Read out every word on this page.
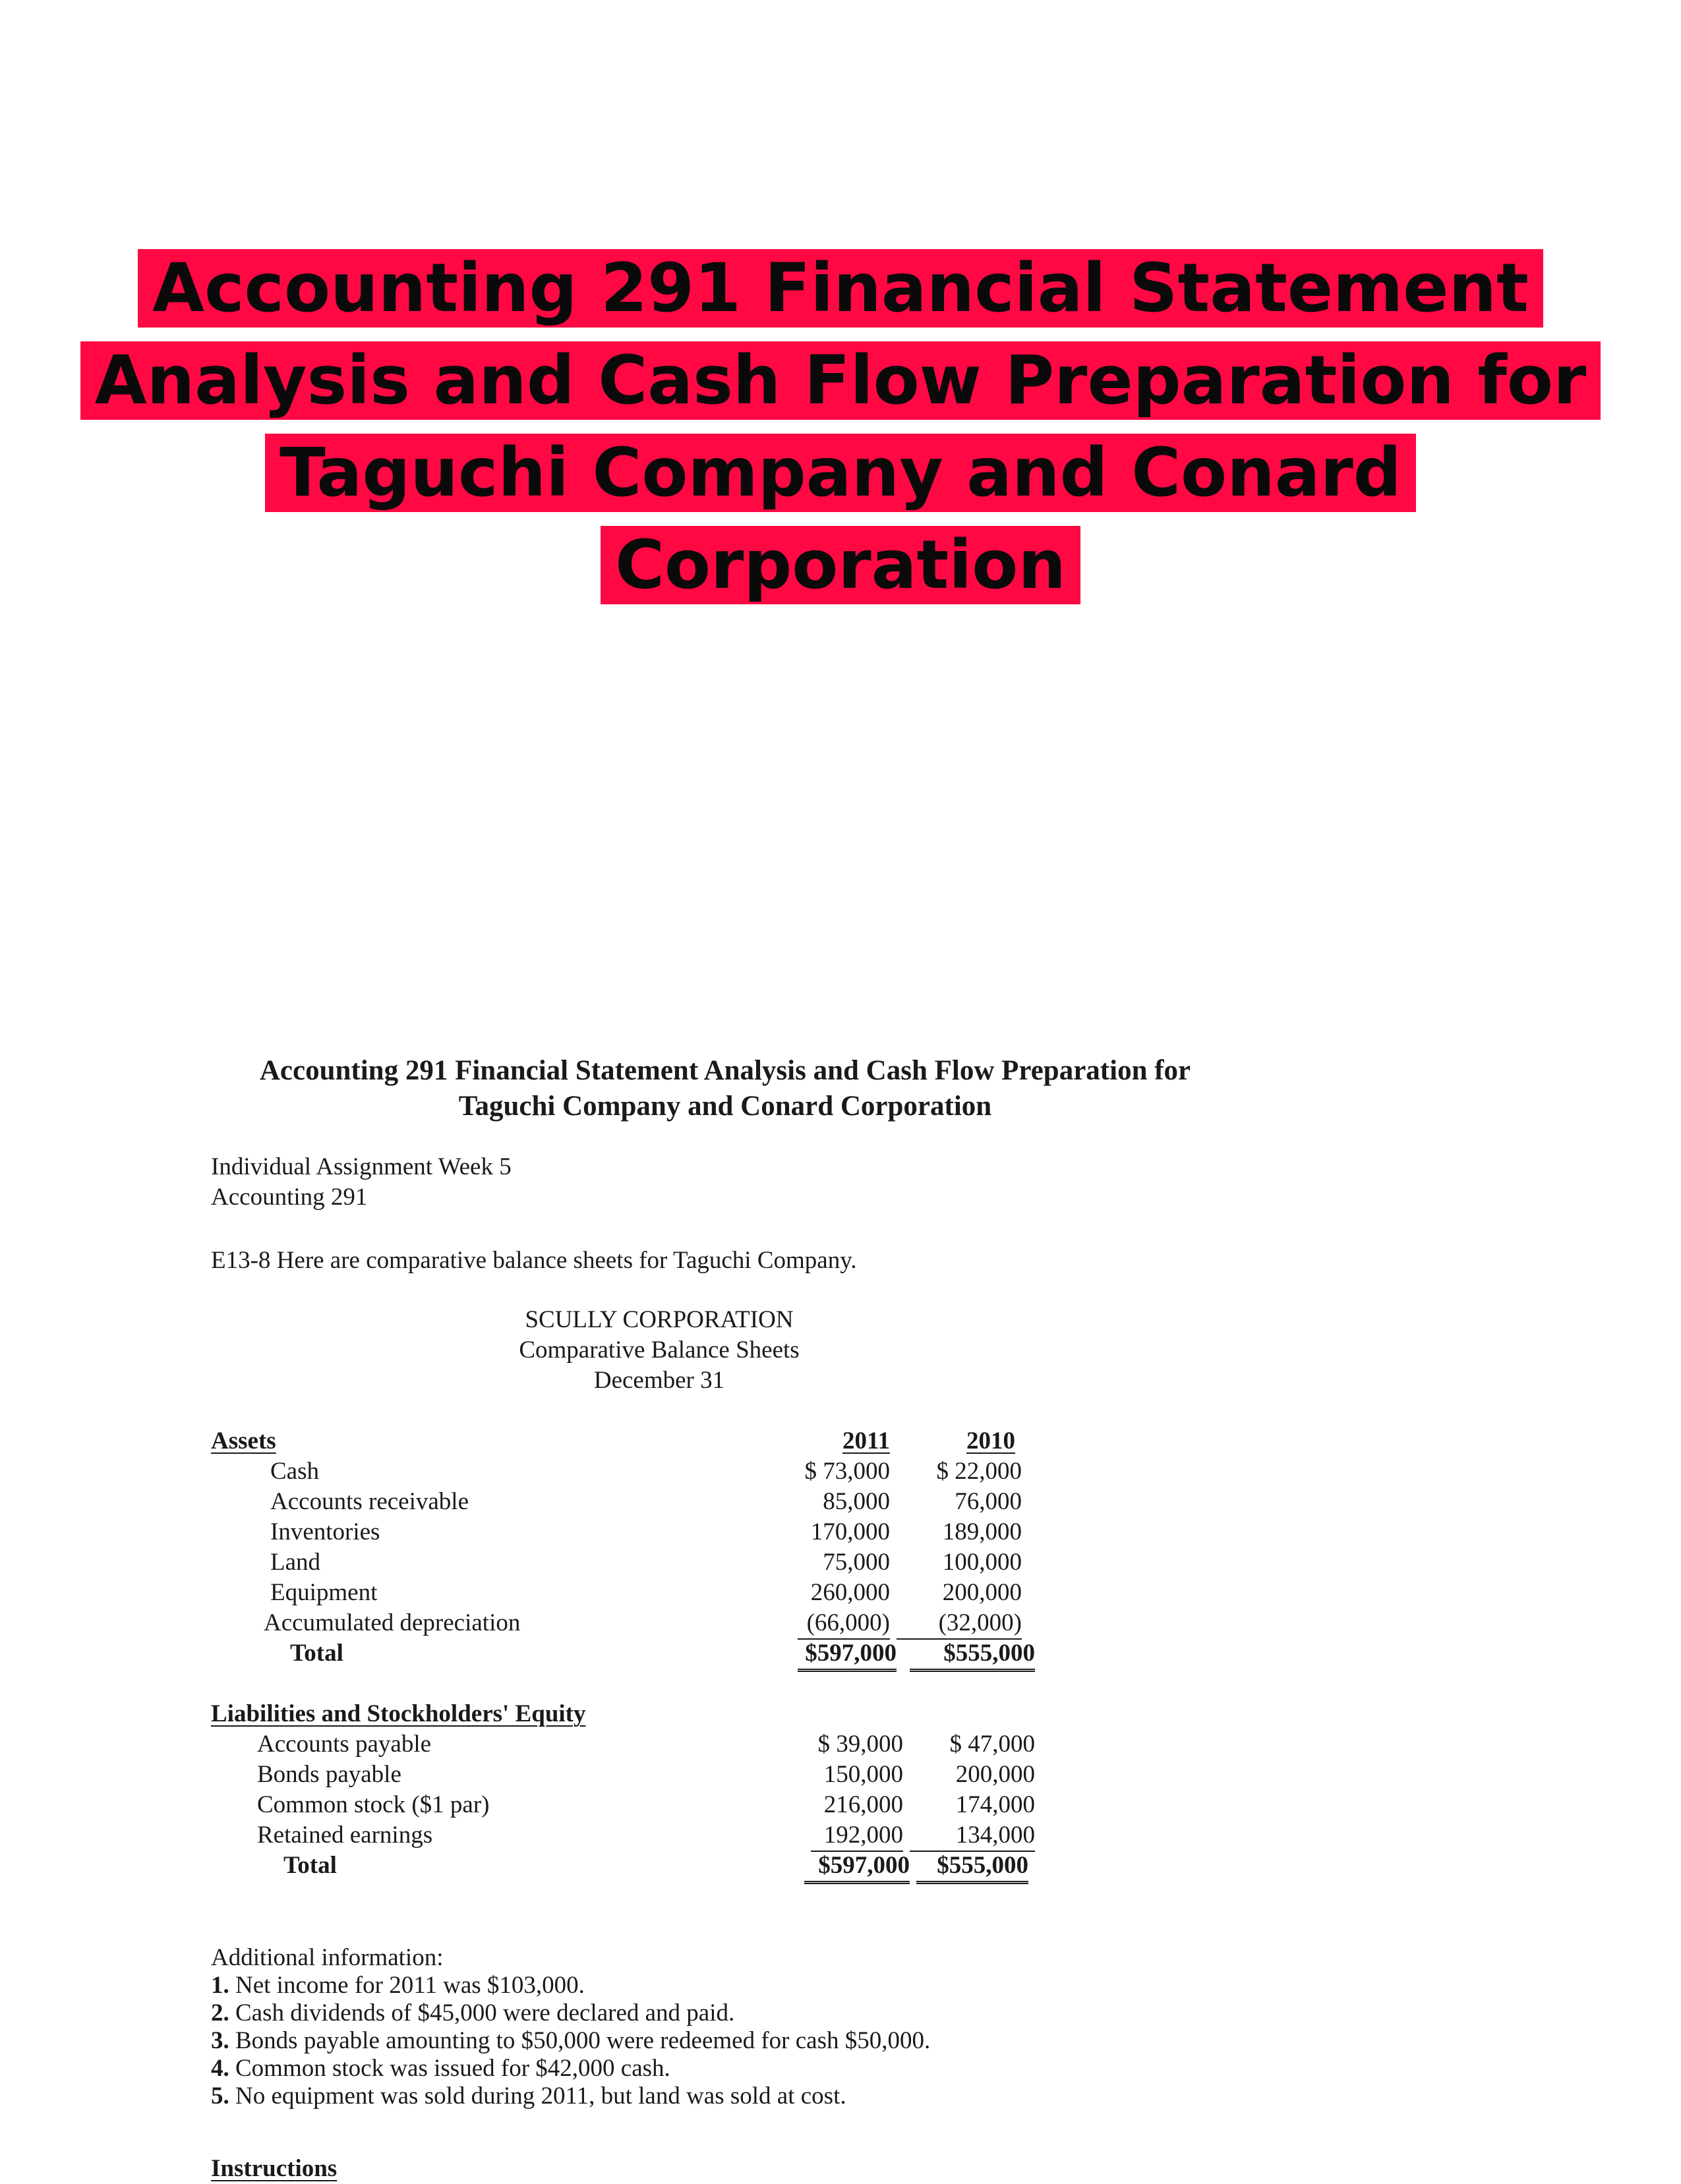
Accounting 291 Financial Statement
Analysis and Cash Flow Preparation for
Taguchi Company and Conard
Corporation
Accounting 291 Financial Statement Analysis and Cash Flow Preparation for
Taguchi Company and Conard Corporation
Individual Assignment Week 5
Accounting 291
E13-8 Here are comparative balance sheets for Taguchi Company.
SCULLY CORPORATION
Comparative Balance Sheets
December 31
Assets	2011	2010
Cash	$ 73,000	$ 22,000
Accounts receivable	85,000	76,000
Inventories	170,000	189,000
Land	75,000	100,000
Equipment	260,000	200,000
Accumulated depreciation	(66,000)	(32,000)
Total	$597,000	$555,000
Liabilities and Stockholders' Equity
Accounts payable	$ 39,000	$ 47,000
Bonds payable	150,000	200,000
Common stock ($1 par)	216,000	174,000
Retained earnings	192,000	134,000
Total	$597,000	$555,000
Additional information:
1. Net income for 2011 was $103,000.
2. Cash dividends of $45,000 were declared and paid.
3. Bonds payable amounting to $50,000 were redeemed for cash $50,000.
4. Common stock was issued for $42,000 cash.
5. No equipment was sold during 2011, but land was sold at cost.
Instructions
